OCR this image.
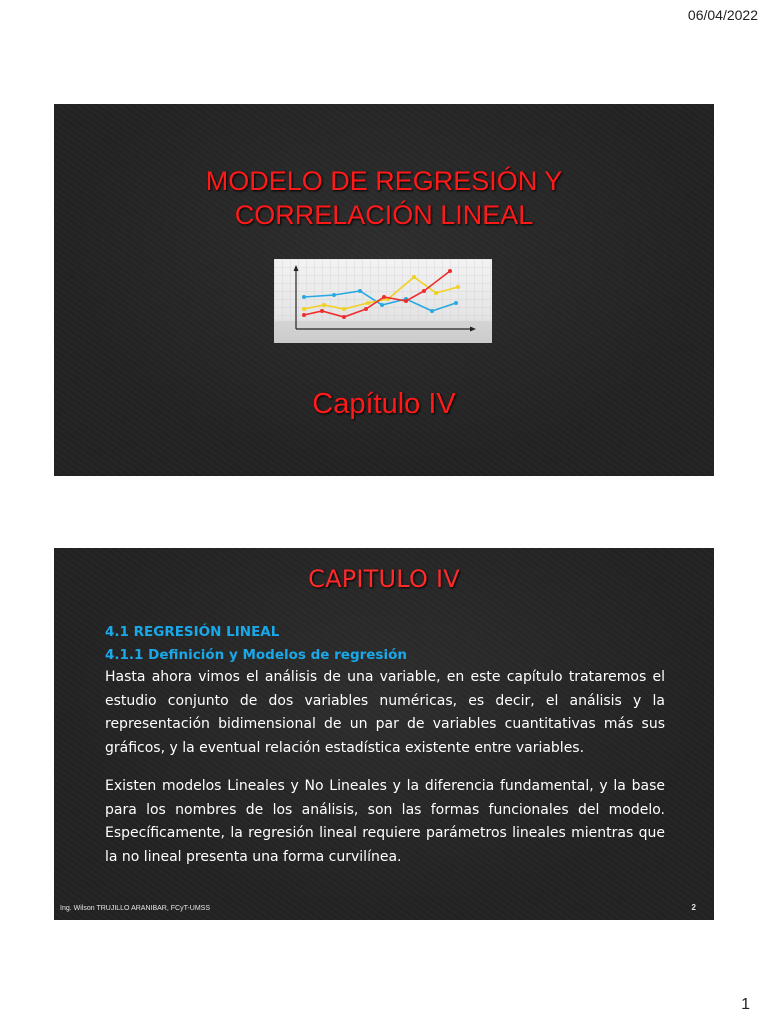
06/04/2022
MODELO DE REGRESIÓN Y
CORRELACIÓN LINEAL
Capítulo IV
CAPITULO IV
4.1 REGRESIÓN LINEAL
4.1.1 Definición y Modelos de regresión
Hasta ahora vimos el análisis de una variable, en este capítulo trataremos el estudio conjunto de dos variables numéricas, es decir, el análisis y la representación bidimensional de un par de variables cuantitativas más sus gráficos, y la eventual relación estadística existente entre variables.
Existen modelos Lineales y No Lineales y la diferencia fundamental, y la base para los nombres de los análisis, son las formas funcionales del modelo. Específicamente, la regresión lineal requiere parámetros lineales mientras que la no lineal presenta una forma curvilínea.
Ing. Wilson TRUJILLO ARANIBAR, FCyT-UMSS	2
1
